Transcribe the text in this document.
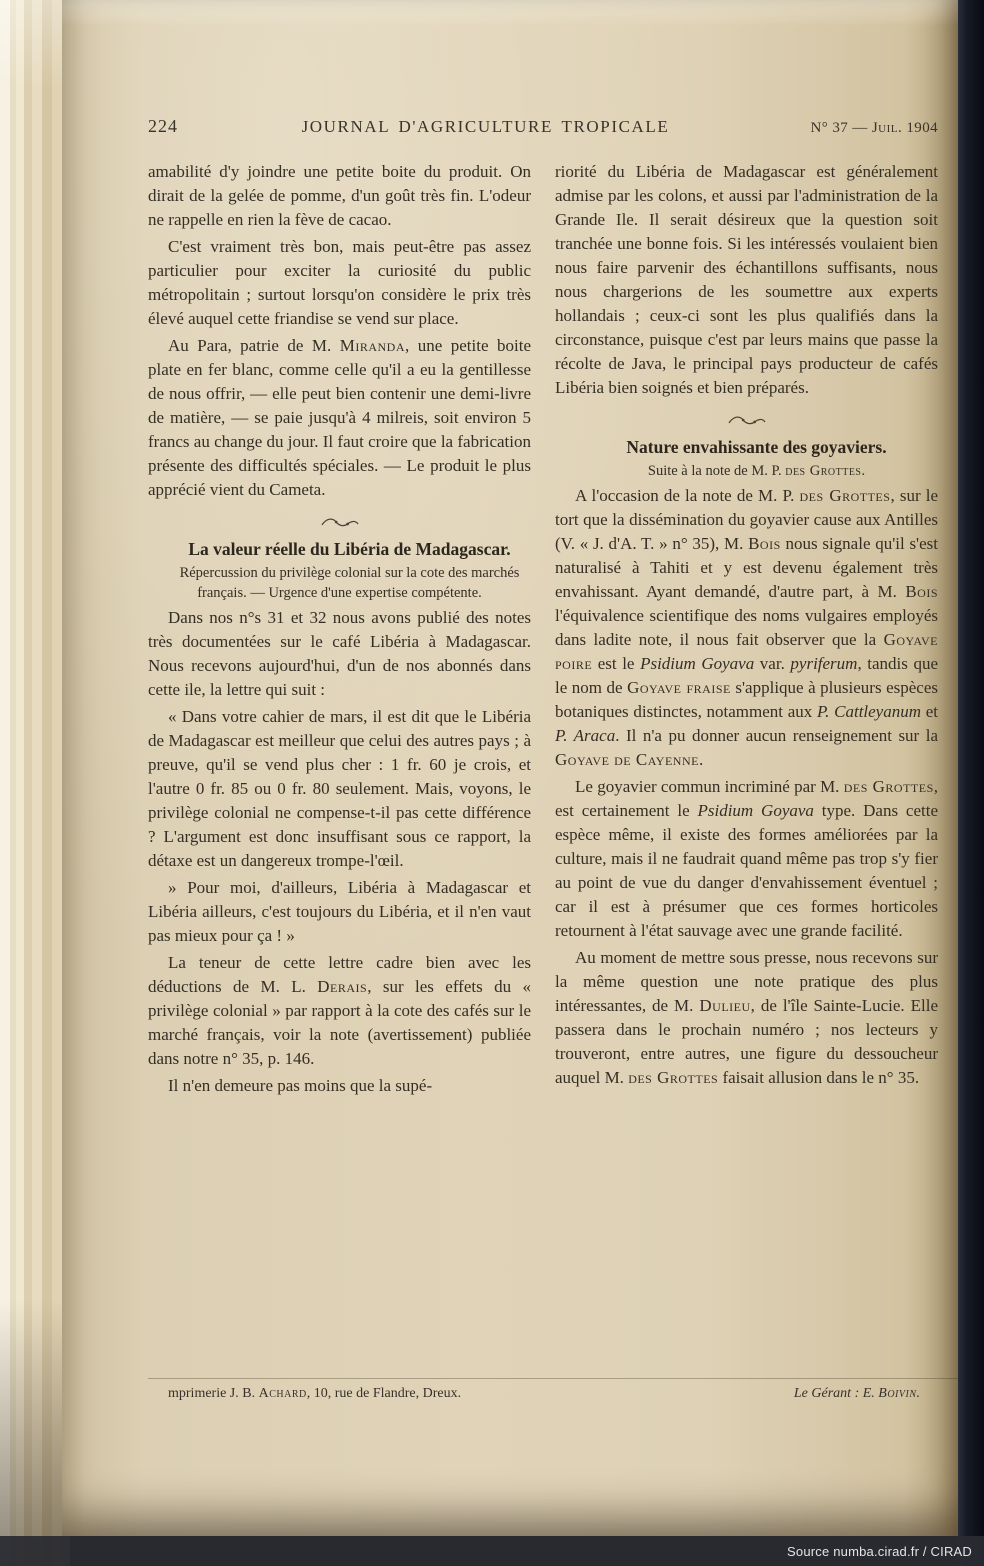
224	JOURNAL D'AGRICULTURE TROPICALE	N° 37 — Juil. 1904

amabilité d'y joindre une petite boite du produit. On dirait de la gelée de pomme, d'un goût très fin. L'odeur ne rappelle en rien la fève de cacao.

C'est vraiment très bon, mais peut-être pas assez particulier pour exciter la curiosité du public métropolitain ; surtout lorsqu'on considère le prix très élevé auquel cette friandise se vend sur place.

Au Para, patrie de M. Miranda, une petite boite plate en fer blanc, comme celle qu'il a eu la gentillesse de nous offrir, — elle peut bien contenir une demi-livre de matière, — se paie jusqu'à 4 milreis, soit environ 5 francs au change du jour. Il faut croire que la fabrication présente des difficultés spéciales. — Le produit le plus apprécié vient du Cameta.

La valeur réelle du Libéria de Madagascar.

Répercussion du privilège colonial sur la cote des marchés français. — Urgence d'une expertise compétente.

Dans nos n°s 31 et 32 nous avons publié des notes très documentées sur le café Libéria à Madagascar. Nous recevons aujourd'hui, d'un de nos abonnés dans cette ile, la lettre qui suit :

« Dans votre cahier de mars, il est dit que le Libéria de Madagascar est meilleur que celui des autres pays ; à preuve, qu'il se vend plus cher : 1 fr. 60 je crois, et l'autre 0 fr. 85 ou 0 fr. 80 seulement. Mais, voyons, le privilège colonial ne compense-t-il pas cette différence ? L'argument est donc insuffisant sous ce rapport, la détaxe est un dangereux trompe-l'œil.

» Pour moi, d'ailleurs, Libéria à Madagascar et Libéria ailleurs, c'est toujours du Libéria, et il n'en vaut pas mieux pour ça ! »

La teneur de cette lettre cadre bien avec les déductions de M. L. Derais, sur les effets du « privilège colonial » par rapport à la cote des cafés sur le marché français, voir la note (avertissement) publiée dans notre n° 35, p. 146.

Il n'en demeure pas moins que la supé-

riorité du Libéria de Madagascar est généralement admise par les colons, et aussi par l'administration de la Grande Ile. Il serait désireux que la question soit tranchée une bonne fois. Si les intéressés voulaient bien nous faire parvenir des échantillons suffisants, nous nous chargerions de les soumettre aux experts hollandais ; ceux-ci sont les plus qualifiés dans la circonstance, puisque c'est par leurs mains que passe la récolte de Java, le principal pays producteur de cafés Libéria bien soignés et bien préparés.

Nature envahissante des goyaviers.

Suite à la note de M. P. des Grottes.

A l'occasion de la note de M. P. des Grottes, sur le tort que la dissémination du goyavier cause aux Antilles (V. « J. d'A. T. » n° 35), M. Bois nous signale qu'il s'est naturalisé à Tahiti et y est devenu également très envahissant. Ayant demandé, d'autre part, à M. Bois l'équivalence scientifique des noms vulgaires employés dans ladite note, il nous fait observer que la Goyave poire est le Psidium Goyava var. pyriferum, tandis que le nom de Goyave fraise s'applique à plusieurs espèces botaniques distinctes, notamment aux P. Cattleyanum et P. Araca. Il n'a pu donner aucun renseignement sur la Goyave de Cayenne.

Le goyavier commun incriminé par M. des Grottes, est certainement le Psidium Goyava type. Dans cette espèce même, il existe des formes améliorées par la culture, mais il ne faudrait quand même pas trop s'y fier au point de vue du danger d'envahissement éventuel ; car il est à présumer que ces formes horticoles retournent à l'état sauvage avec une grande facilité.

Au moment de mettre sous presse, nous recevons sur la même question une note pratique des plus intéressantes, de M. Dulieu, de l'île Sainte-Lucie. Elle passera dans le prochain numéro ; nos lecteurs y trouveront, entre autres, une figure du dessoucheur auquel M. des Grottes faisait allusion dans le n° 35.

mprimerie J. B. Achard, 10, rue de Flandre, Dreux.	Le Gérant : E. Boivin.
Source numba.cirad.fr / CIRAD
